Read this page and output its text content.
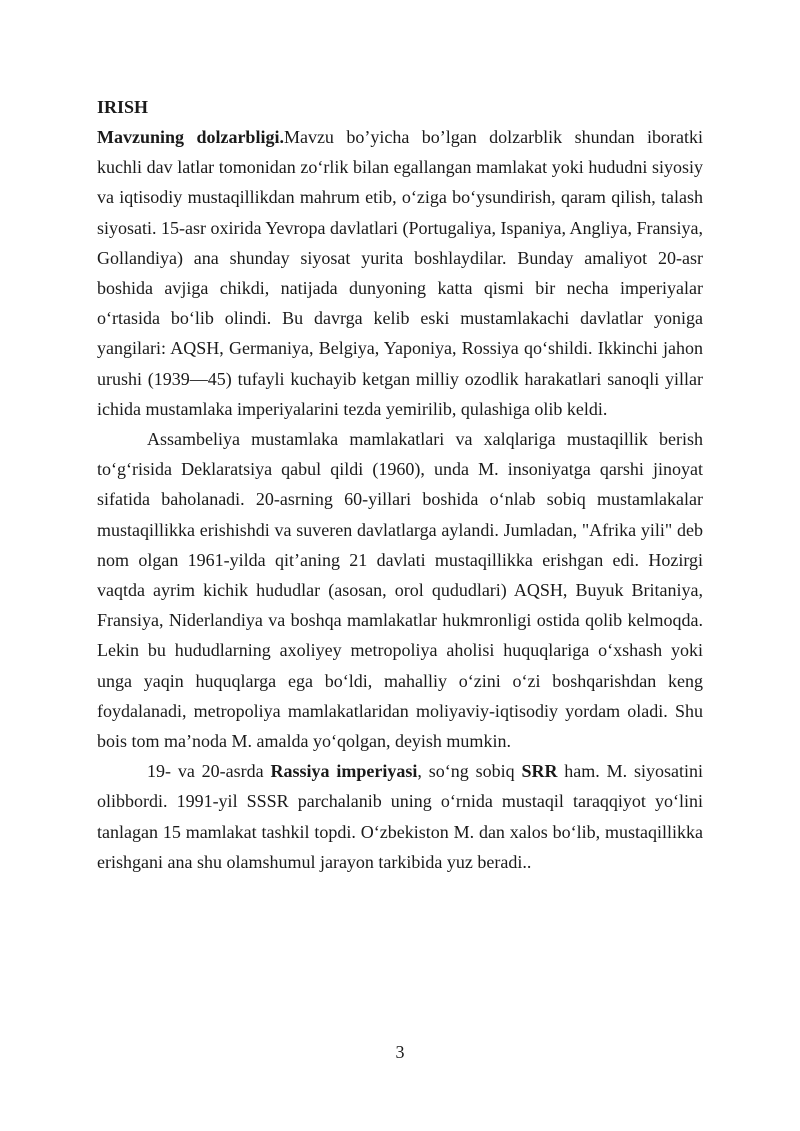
IRISH

Mavzuning dolzarbligi.Mavzu bo’yicha bo’lgan dolzarblik shundan iboratki kuchli dav latlar tomonidan zo‘rlik bilan egallangan mamlakat yoki hududni siyosiy va iqtisodiy mustaqillikdan mahrum etib, o‘ziga bo‘ysundirish, qaram qilish, talash siyosati. 15-asr oxirida Yevropa davlatlari (Portugaliya, Ispaniya, Angliya, Fransiya, Gollandiya) ana shunday siyosat yurita boshlaydilar. Bunday amaliyot 20-asr boshida avjiga chikdi, natijada dunyoning katta qismi bir necha imperiyalar o‘rtasida bo‘lib olindi. Bu davrga kelib eski mustamlakachi davlatlar yoniga yangilari: AQSH, Germaniya, Belgiya, Yaponiya, Rossiya qo‘shildi. Ikkinchi jahon urushi (1939—45) tufayli kuchayib ketgan milliy ozodlik harakatlari sanoqli yillar ichida mustamlaka imperiyalarini tezda yemirilib, qulashiga olib keldi.

Assambeliya mustamlaka mamlakatlari va xalqlariga mustaqillik berish to‘g‘risida Deklaratsiya qabul qildi (1960), unda M. insoniyatga qarshi jinoyat sifatida baholanadi. 20-asrning 60-yillari boshida o‘nlab sobiq mustamlakalar mustaqillikka erishishdi va suveren davlatlarga aylandi. Jumladan, "Afrika yili" deb nom olgan 1961-yilda qit’aning 21 davlati mustaqillikka erishgan edi. Hozirgi vaqtda ayrim kichik hududlar (asosan, orol qududlari) AQSH, Buyuk Britaniya, Fransiya, Niderlandiya va boshqa mamlakatlar hukmronligi ostida qolib kelmoqda. Lekin bu hududlarning axoliyey metropoliya aholisi huquqlariga o‘xshash yoki unga yaqin huquqlarga ega bo‘ldi, mahalliy o‘zini o‘zi boshqarishdan keng foydalanadi, metropoliya mamlakatlaridan moliyaviy-iqtisodiy yordam oladi. Shu bois tom ma’noda M. amalda yo‘qolgan, deyish mumkin.

19- va 20-asrda Rassiya imperiyasi, so‘ng sobiq SRR ham. M. siyosatini olibbordi. 1991-yil SSSR parchalanib uning o‘rnida mustaqil taraqqiyot yo‘lini tanlagan 15 mamlakat tashkil topdi. O‘zbekiston M. dan xalos bo‘lib, mustaqillikka erishgani ana shu olamshumul jarayon tarkibida yuz beradi..

3
